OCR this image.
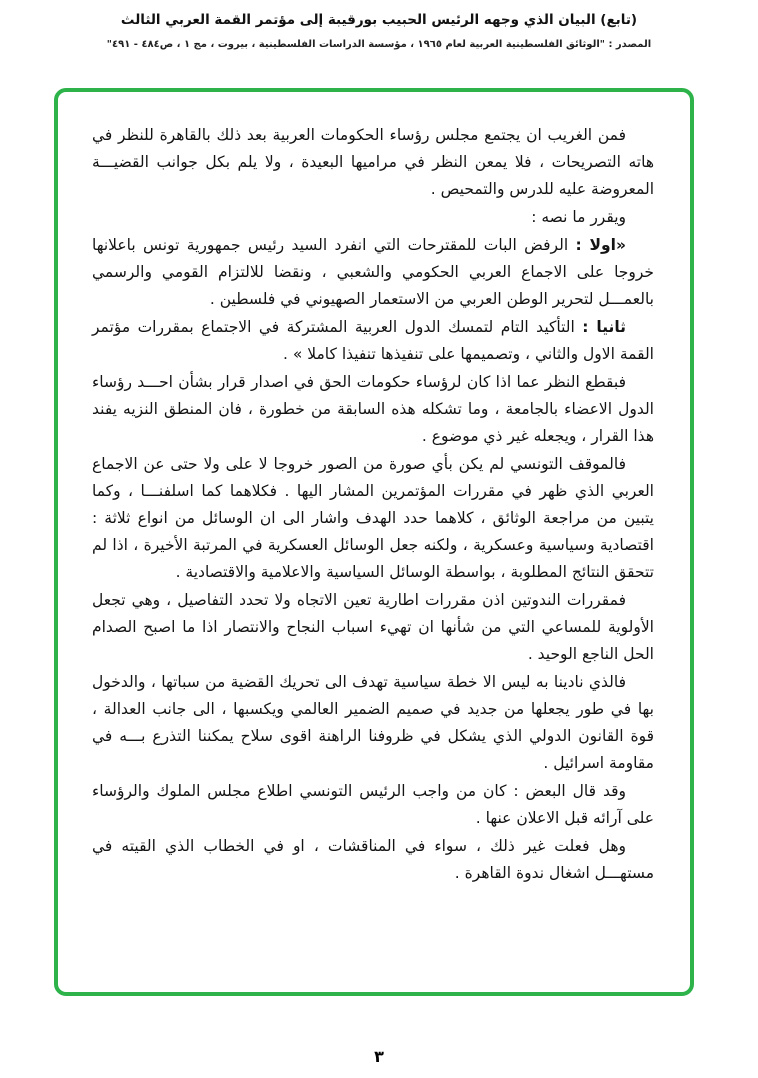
(تابع) البيان الذي وجهه الرئيس الحبيب بورقيبة إلى مؤتمر القمة العربي الثالث
المصدر : "الوثائق الفلسطينية العربية لعام ١٩٦٥ ، مؤسسة الدراسات الفلسطينية ، بيروت ، مج ١ ، ص٤٨٤ - ٤٩١"

فمن الغريب ان يجتمع مجلس رؤساء الحكومات العربية بعد ذلك بالقاهرة للنظر في هاته التصريحات ، فلا يمعن النظر في مراميها البعيدة ، ولا يلم بكل جوانب القضيـــة المعروضة عليه للدرس والتمحيص .

ويقرر ما نصه :

«اولا : الرفض البات للمقترحات التي انفرد السيد رئيس جمهورية تونس باعلانها خروجا على الاجماع العربي الحكومي والشعبي ، ونقضا للالتزام القومي والرسمي بالعمـــل لتحرير الوطن العربي من الاستعمار الصهيوني في فلسطين .

ثانيا : التأكيد التام لتمسك الدول العربية المشتركة في الاجتماع بمقررات مؤتمر القمة الاول والثاني ، وتصميمها على تنفيذها تنفيذا كاملا » .

فبقطع النظر عما اذا كان لرؤساء حكومات الحق في اصدار قرار بشأن احـــد رؤساء الدول الاعضاء بالجامعة ، وما تشكله هذه السابقة من خطورة ، فان المنطق النزيه يفند هذا القرار ، ويجعله غير ذي موضوع .

فالموقف التونسي لم يكن بأي صورة من الصور خروجا لا على ولا حتى عن الاجماع العربي الذي ظهر في مقررات المؤتمرين المشار اليها . فكلاهما كما اسلفنـــا ، وكما يتبين من مراجعة الوثائق ، كلاهما حدد الهدف واشار الى ان الوسائل من انواع ثلاثة : اقتصادية وسياسية وعسكرية ، ولكنه جعل الوسائل العسكرية في المرتبة الأخيرة ، اذا لم تتحقق النتائج المطلوبة ، بواسطة الوسائل السياسية والاعلامية والاقتصادية .

فمقررات الندوتين اذن مقررات اطارية تعين الاتجاه ولا تحدد التفاصيل ، وهي تجعل الأولوية للمساعي التي من شأنها ان تهيء اسباب النجاح والانتصار اذا ما اصبح الصدام الحل الناجع الوحيد .

فالذي نادينا به ليس الا خطة سياسية تهدف الى تحريك القضية من سباتها ، والدخول بها في طور يجعلها من جديد في صميم الضمير العالمي ويكسبها ، الى جانب العدالة ، قوة القانون الدولي الذي يشكل في ظروفنا الراهنة اقوى سلاح يمكننا التذرع بـــه في مقاومة اسرائيل .

وقد قال البعض : كان من واجب الرئيس التونسي اطلاع مجلس الملوك والرؤساء على آرائه قبل الاعلان عنها .

وهل فعلت غير ذلك ، سواء في المناقشات ، او في الخطاب الذي القيته في مستهـــل اشغال ندوة القاهرة .

٣
